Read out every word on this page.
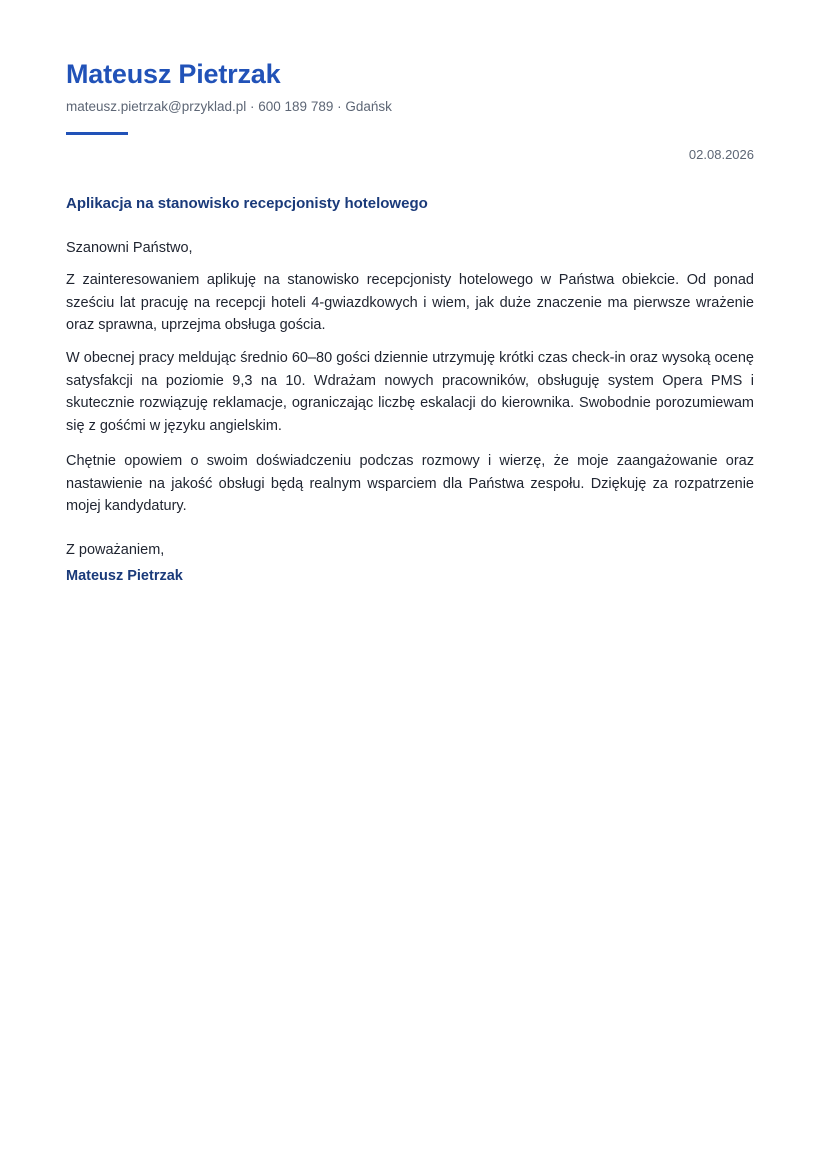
Mateusz Pietrzak
mateusz.pietrzak@przyklad.pl · 600 189 789 · Gdańsk
02.08.2026
Aplikacja na stanowisko recepcjonisty hotelowego
Szanowni Państwo,

Z zainteresowaniem aplikuję na stanowisko recepcjonisty hotelowego w Państwa obiekcie. Od ponad sześciu lat pracuję na recepcji hoteli 4-gwiazdkowych i wiem, jak duże znaczenie ma pierwsze wrażenie oraz sprawna, uprzejma obsługa gościa.

W obecnej pracy meldując średnio 60–80 gości dziennie utrzymuję krótki czas check-in oraz wysoką ocenę satysfakcji na poziomie 9,3 na 10. Wdrażam nowych pracowników, obsługuję system Opera PMS i skutecznie rozwiązuję reklamacje, ograniczając liczbę eskalacji do kierownika. Swobodnie porozumiewam się z gośćmi w języku angielskim.

Chętnie opowiem o swoim doświadczeniu podczas rozmowy i wierzę, że moje zaangażowanie oraz nastawienie na jakość obsługi będą realnym wsparciem dla Państwa zespołu. Dziękuję za rozpatrzenie mojej kandydatury.

Z poważaniem,
Mateusz Pietrzak
